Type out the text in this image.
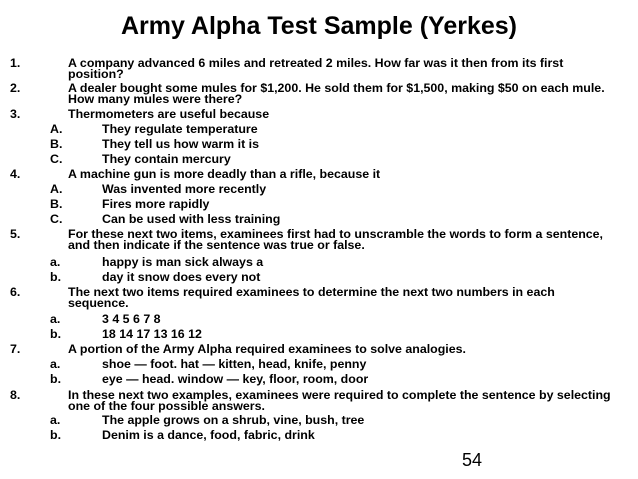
Army Alpha Test Sample (Yerkes)
1.	A company advanced 6 miles and retreated 2 miles. How far was it then from its first
position?
2.	A dealer bought some mules for $1,200. He sold them for $1,500, making $50 on each mule.
How many mules were there?
3.	Thermometers are useful because
A.	They regulate temperature
B.	They tell us how warm it is
C.	They contain mercury
4.	A machine gun is more deadly than a rifle, because it
A.	Was invented more recently
B.	Fires more rapidly
C.	Can be used with less training
5.	For these next two items, examinees first had to unscramble the words to form a sentence,
and then indicate if the sentence was true or false.
a.	happy is man sick always a
b.	day it snow does every not
6.	The next two items required examinees to determine the next two numbers in each
sequence.
a.	3 4 5 6 7 8
b.	18 14 17 13 16 12
7.	A portion of the Army Alpha required examinees to solve analogies.
a.	shoe — foot. hat — kitten, head, knife, penny
b.	eye — head. window — key, floor, room, door
8.	In these next two examples, examinees were required to complete the sentence by selecting
one of the four possible answers.
a.	The apple grows on a shrub, vine, bush, tree
b.	Denim is a dance, food, fabric, drink
54
